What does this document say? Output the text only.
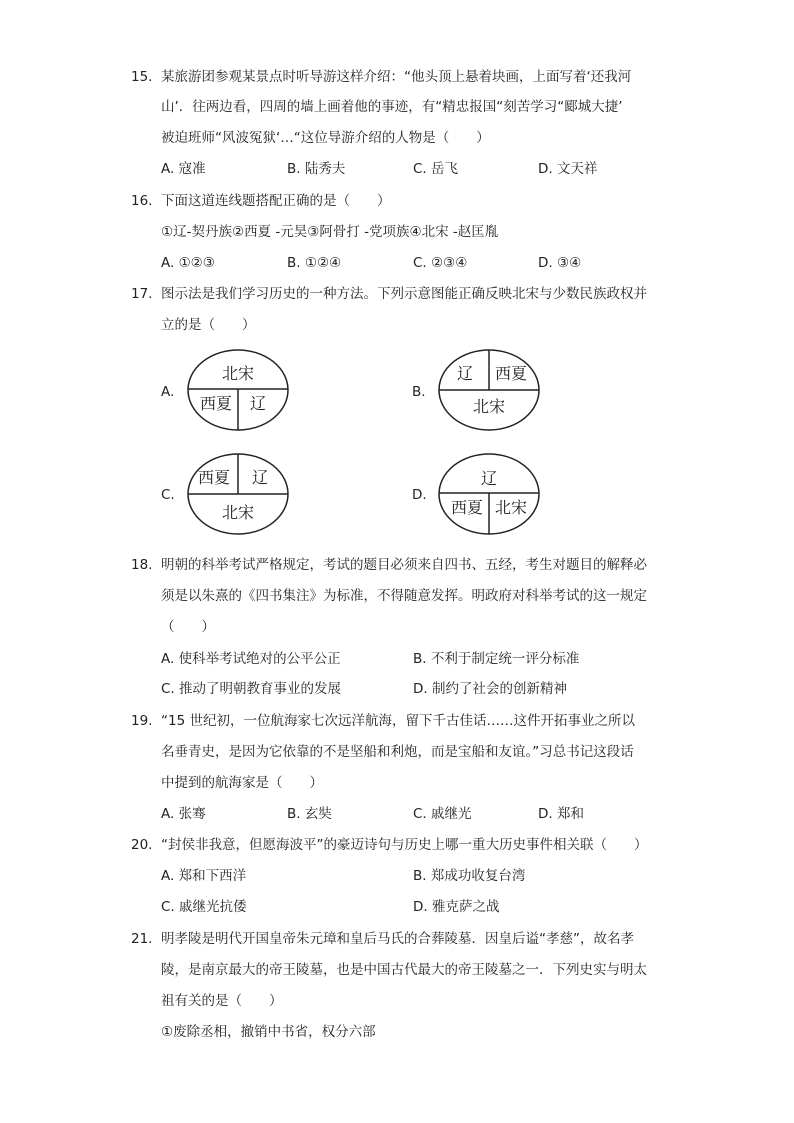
15. 某旅游团参观某景点时听导游这样介绍：“他头顶上悬着块画，上面写着‘还我河
山’．往两边看，四周的墙上画着他的事迹，有“精忠报国“刻苦学习“郾城大捷’
被迫班师“风波冤狱‘…“这位导游介绍的人物是（　　）
A. 寇准	B. 陆秀夫	C. 岳飞	D. 文天祥
16. 下面这道连线题搭配正确的是（　　）
①辽-契丹族②西夏 -元昊③阿骨打 -党项族④北宋 -赵匡胤
A. ①②③	B. ①②④	C. ②③④	D. ③④
17. 图示法是我们学习历史的一种方法。下列示意图能正确反映北宋与少数民族政权并
立的是（　　）
A.
北宋
西夏 辽
B.
辽 西夏
北宋
C.
西夏 辽
北宋
D.
辽
西夏 北宋
18. 明朝的科举考试严格规定，考试的题目必须来自四书、五经，考生对题目的解释必
须是以朱熹的《四书集注》为标准，不得随意发挥。明政府对科举考试的这一规定
（　　）
A. 使科举考试绝对的公平公正	B. 不利于制定统一评分标准
C. 推动了明朝教育事业的发展	D. 制约了社会的创新精神
19. “15 世纪初，一位航海家七次远洋航海，留下千古佳话……这件开拓事业之所以
名垂青史，是因为它依靠的不是坚船和利炮，而是宝船和友谊。”习总书记这段话
中提到的航海家是（　　）
A. 张骞	B. 玄奘	C. 戚继光	D. 郑和
20. “封侯非我意，但愿海波平”的豪迈诗句与历史上哪一重大历史事件相关联（　　）
A. 郑和下西洋	B. 郑成功收复台湾
C. 戚继光抗倭	D. 雅克萨之战
21. 明孝陵是明代开国皇帝朱元璋和皇后马氏的合葬陵墓．因皇后谥“孝慈”，故名孝
陵，是南京最大的帝王陵墓，也是中国古代最大的帝王陵墓之一．下列史实与明太
祖有关的是（　　）
①废除丞相，撤销中书省，权分六部
